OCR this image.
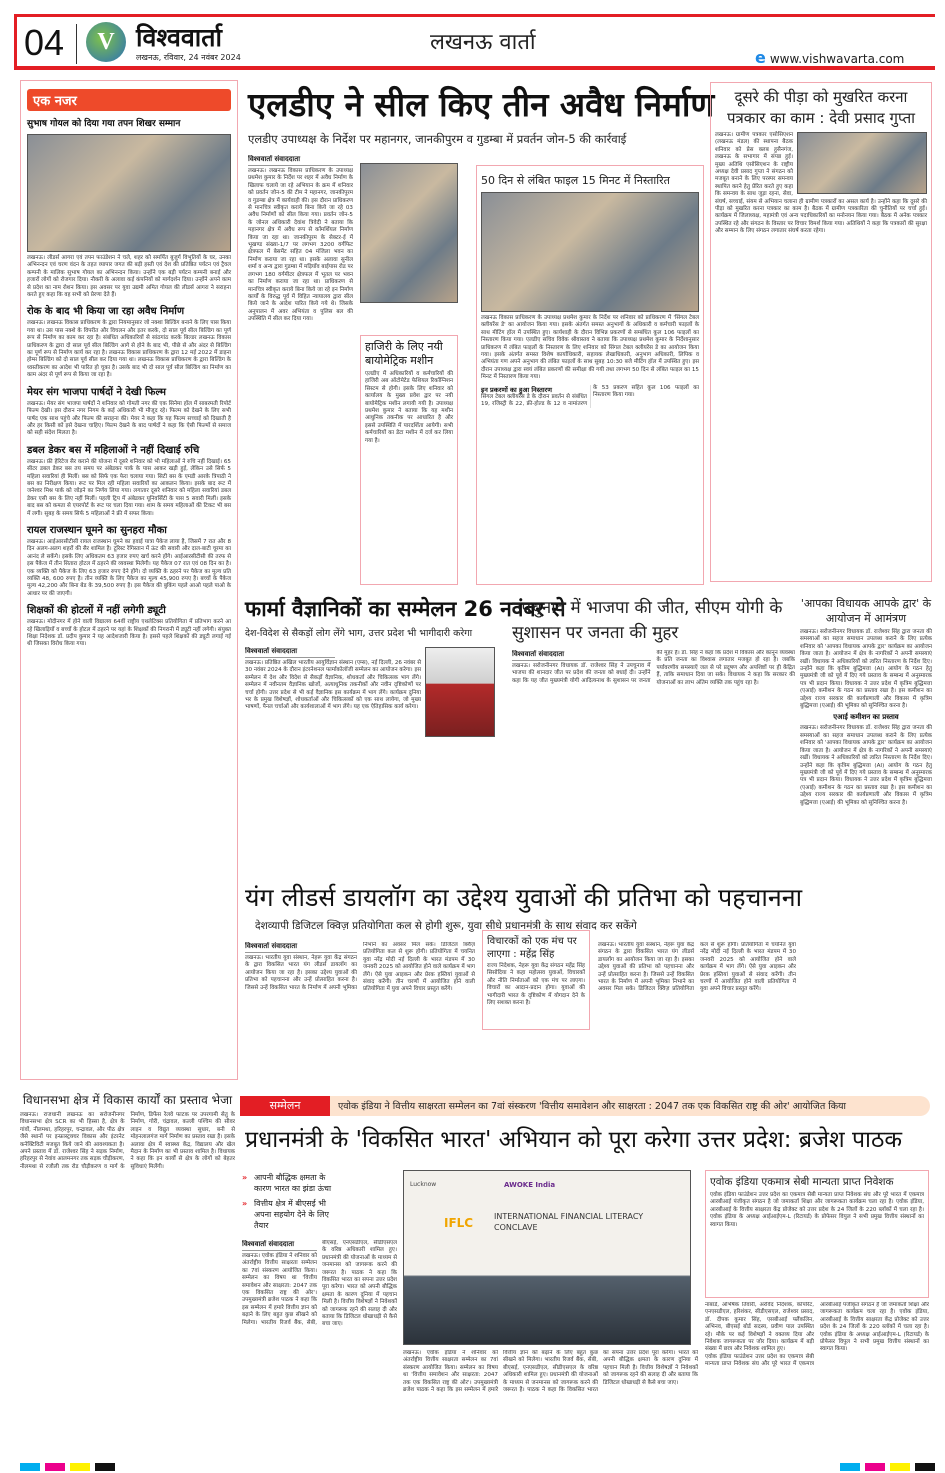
04	V विश्ववार्ता
लखनऊ, रविवार, 24 नवंबर 2024
लखनऊ वार्ता
e www.vishwavarta.com
एक नजर
सुभाष गोयल को दिया गया तपन शिखर सम्मान
लखनऊ। लीडर्स आगरा एवं तपन फाउंडेशन ने चले, शहर को समर्पित बुजुर्ग विभूतियों के घर, उनका अभिनन्दन एवं चरण वंदन के तहत व्यापार जगत की बड़ी हस्ती एवं देश की प्रतिष्ठित पर्यटन एवं ट्रैवल कम्पनी के मालिक सुभाष गोयल का अभिनन्दन किया। उन्होंने एक बड़ी पर्यटन कम्पनी बनाई और हजारों लोगों को रोजगार दिया। नौकरी के अलावा कई कंपनियों को मार्गदर्शन दिया। उन्होंने अपने काम से प्रदेश का नाम रोशन किया। इस अवसर पर युवा उद्यमी अमित गोयल की लीडर्स आगरा ने सराहना करते हुए कहा कि वह सभी को प्रेरणा देते हैं।
रोक के बाद भी किया जा रहा अवैध निर्माण
लखनऊ। लखनऊ विकास प्राधिकरण के द्वारा नियमानुसार जो नक्शा बिल्डिंग बनाने के लिए पास किया गया था। उस पास नक्शे के विपरीत और विचलन और इतर करके, दो साल पूर्व सील बिल्डिंग का पूर्ण रूप से निर्माण का काम कर रहा है। संबंधित अधिकारियों से सांठगांठ करके बिल्डर लखनऊ विकास प्राधिकरण के द्वारा दो साल पूर्व सील बिल्डिंग आगे से होने के बाद भी, पीछे से और अंदर से बिल्डिंग का पूर्ण रूप से निर्माण कार्य कर रहा है। लखनऊ विकास प्राधिकरण के द्वारा 12 मई 2022 में डाइना होम्स बिल्डिंग को दो साल पूर्व सील कर दिया गया था। लखनऊ विकास प्राधिकरण के द्वारा बिल्डिंग के ध्वस्तीकरण का आदेश भी पारित हो चुका है। उसके बाद भी दो साल पूर्व सील बिल्डिंग का निर्माण का काम अंदर से पूर्ण रूप से किया जा रहा है।
मेयर संग भाजपा पार्षदों ने देखी फिल्म
लखनऊ। मेयर संग भाजपा पार्षदों ने शनिवार को गोमती नगर की एक सिनेमा हॉल में साबरमती रिपोर्ट फिल्म देखी। इस दौरान नगर निगम के कई अधिकारी भी मौजूद रहे। फिल्म को देखने के लिए सभी पार्षद एक साथ पहुंचे और फिल्म की सराहना की। मेयर ने कहा कि यह फिल्म सच्चाई को दिखाती है और हर किसी को इसे देखना चाहिए। फिल्म देखने के बाद पार्षदों ने कहा कि ऐसी फिल्मों से समाज को सही संदेश मिलता है।
डबल डेकर बस में महिलाओं ने नहीं दिखाई रुचि
लखनऊ। फ्री हेरिटेज सैर कराने की योजना में दूसरे शनिवार को भी महिलाओं ने रुचि नहीं दिखाई। 65 सीटर डबल डेकर बस तय समय पर अंबेडकर पार्क के पास आकर खड़ी हुई, लेकिन उसे सिर्फ 5 महिला सवारियां ही मिलीं। बस को सिर्फ एक फेरा चलाया गया। सिटी बस के एमडी आरके त्रिपाठी ने बस का निरीक्षण किया। रूट पर मिल रही महिला सवारियों का आकलन किया। इसके बाद रूट में जनेश्वर मिश्र पार्क को जोड़ने का निर्णय लिया गया। लगातार दूसरे शनिवार को महिला सवारियां डबल डेकर एसी बस के लिए नहीं मिलीं। पहली ट्रिप में अंबेडकर यूनिवर्सिटी के पास 5 सवारी मिलीं। इसके बाद बस को कमता से एयरपोर्ट के रूट पर चला दिया गया। शाम के समय महिलाओं की टिकट भी बस में लगी। सुबह के समय सिर्फ 5 महिलाओं ने फ्री में सफर किया।
रायल राजस्थान घूमने का सुनहरा मौका
लखनऊ। आईआरसीटीसी रायल राजस्थान घूमने का हवाई यात्रा पैकेज लाया है, जिसमें 7 रात और 8 दिन अलग-अलग शहरों की सैर शामिल है। टूरिस्ट रेगिस्तान में ऊंट की सवारी और दाल-बाटी चूरमा का आनंद ले सकेंगे। इसके लिए अधिकतम 63 हजार रुपए खर्च करने होंगे। आईआरसीटीसी की तरफ से इस पैकेज में तीन सितारा होटल में ठहरने की व्यवस्था मिलेगी। यह पैकेज 07 रात एवं 08 दिन का है। एक व्यक्ति को पैकेज के लिए 63 हजार रुपए देने होंगे। दो व्यक्ति के ठहरने पर पैकेज का मूल्य प्रति व्यक्ति 48, 600 रुपए है। तीन व्यक्ति के लिए पैकेज का मूल्य 45,900 रुपए है। बच्चों के पैकेज मूल्य 42,200 और बिना बेड के 39,500 रुपए है। इस पैकेज की बुकिंग पहले आओ पहले पाओ के आधार पर की जाएगी।
शिक्षकों की होटलों में नहीं लगेगी ड्यूटी
लखनऊ। मोदीनगर में होने वाली विद्यालय 64वीं राष्ट्रीय एथलेटिक्स प्रतियोगिता में प्रतिभाग करने आ रहे खिलाड़ियों व बच्चों के होटल में ठहरने पर यहां के शिक्षकों की निगरानी में ड्यूटी नहीं लगेगी। संयुक्त शिक्षा निदेशक डॉ. प्रदीप कुमार ने यह आदेशजारी किया है। इससे पहले शिक्षकों की ड्यूटी लगाई गई थी जिसका विरोध किया गया।
एलडीए ने सील किए तीन अवैध निर्माण
एलडीए उपाध्यक्ष के निर्देश पर महानगर, जानकीपुरम व गुडम्बा में प्रवर्तन जोन-5 की कार्रवाई
विश्ववार्ता संवाददाता
लखनऊ। लखनऊ विकास प्राधिकरण के उपाध्यक्ष प्रथमेश कुमार के निर्देश पर शहर में अवैध निर्माण के खिलाफ चलाये जा रहे अभियान के क्रम में शनिवार को प्रवर्तन जोन-5 की टीम ने महानगर, जानकीपुरम व गुडम्बा क्षेत्र में कार्यवाही की। इस दौरान प्राधिकरण से मानचित्र स्वीकृत कराये बिना किये जा रहे 03 अवैध निर्माणों को सील किया गया। प्रवर्तन जोन-5 के जोनल अधिकारी देवांश त्रिवेदी ने बताया कि महानगर क्षेत्र में अवैध रूप से कॉमर्शियल निर्माण किया जा रहा था। जानकीपुरम के सेक्टर-ई में भूखण्ड संख्या-1/7 पर लगभग 3200 वर्गफिट क्षेत्रफल में बेसमेंट सहित 04 मंजिला भवन का निर्माण कराया जा रहा था। इसके अलावा सुनील शर्मा व अन्य द्वारा गुडम्बा में मड़ियाँव बाईपास रोड पर लगभग 180 वर्गमीटर क्षेत्रफल में भूतल पर भवन का निर्माण कराया जा रहा था। प्राधिकरण से मानचित्र स्वीकृत कराये बिना किये जा रहे इन निर्माण कार्यों के विरुद्ध पूर्व में विहित न्यायालय द्वारा सील किये जाने के आदेश पारित किये गये थे। जिसके अनुपालन में अवर अभियंता व पुलिस बल की उपस्थिति में सील कर दिया गया।
हाजिरी के लिए नयी बायोमेट्रिक मशीन
एलडीए में अधिकारियों व कर्मचारियों की हाजिरी अब ऑटोमेटेड फेशियल रिकॉग्निशन सिस्टम से होगी। इसके लिए शनिवार को कार्यालय के मुख्य प्रवेश द्वार पर नयी बायोमेट्रिक मशीन लगायी गयी है। उपाध्यक्ष प्रथमेश कुमार ने बताया कि यह मशीन आधुनिक तकनीक पर आधारित है और इससे उपस्थिति में पारदर्शिता आयेगी। सभी कर्मचारियों का डेटा मशीन में दर्ज कर लिया गया है।
50 दिन से लंबित फाइल 15 मिनट में निस्तारित
लखनऊ विकास प्राधिकरण के उपाध्यक्ष प्रथमेश कुमार के निर्देश पर शनिवार को प्राधिकरण में 'सिंगल टेबल क्लीयरेंस डे' का आयोजन किया गया। इसके अंतर्गत समस्त अनुभागों के अधिकारी व कर्मचारी फाइलों के साथ मीटिंग हॉल में उपस्थित हुए। कार्यशाही के दौरान विभिन्न प्रकरणों से सम्बंधित कुल 106 फाइलों का निस्तारण किया गया। एलडीए सचिव विवेक श्रीवास्तव ने बताया कि उपाध्यक्ष प्रथमेश कुमार के निर्देशानुसार प्राधिकरण में लंबित फाइलों के निस्तारण के लिए शनिवार को सिंगल टेबल क्लीयरेंस डे का आयोजन किया गया। इसके अंतर्गत समस्त विशेष कार्याधिकारी, सहायक लेखाधिकारी, अनुभाग अधिकारी, लिपिक व अभियंता गण अपने अनुभाग की लंबित फाइलों के साथ सुबह 10:30 बजे मीटिंग हॉल में उपस्थित हुए। इस दौरान उपाध्यक्ष द्वारा स्वयं लंबित प्रकरणों की समीक्षा की गयी तथा लगभग 50 दिन से लंबित फाइल का 15 मिनट में निस्तारण किया गया।
इन प्रकरणों का हुआ निस्तारण
सिंगल टेबल क्लीयरेंस डे के दौरान प्रवर्तन से संबंधित 19, रजिस्ट्री के 22, फ्री-होल्ड के 12 व नामांतरण के 53 प्रकरण सहित कुल 106 फाइलों का निस्तारण किया गया।
दूसरे की पीड़ा को मुखरित करना पत्रकार का काम : देवी प्रसाद गुप्ता
लखनऊ। ग्रामीण पत्रकार एसोसिएशन (लखनऊ मंडल) की स्थापना बैठक शनिवार को प्रेस क्लब हुसैनगंज, लखनऊ के सभागार में संपन्न हुई। मुख्य अतिथि एसोसिएशन के राष्ट्रीय अध्यक्ष देवी प्रसाद गुप्ता ने संगठन को मजबूत बनाने के लिए परस्पर समन्वय स्थापित करने हेतु प्रेरित करते हुए कहा कि समन्वय के साथ जुड़ा रहना, सेवा, संघर्ष, सच्चाई, संयम से अभियान चलाना ही ग्रामीण पत्रकारों का असल कार्य है। उन्होंने कहा कि दूसरे की पीड़ा को मुखरित करना पत्रकार का काम है। बैठक में ग्रामीण पत्रकारिता की चुनौतियों पर चर्चा हुई। कार्यक्रम में जिलाध्यक्ष, महामंत्री एवं अन्य पदाधिकारियों का मनोनयन किया गया। बैठक में अनेक पत्रकार उपस्थित रहे और संगठन के विस्तार पर विचार विमर्श किया गया। अतिथियों ने कहा कि पत्रकारों की सुरक्षा और सम्मान के लिए संगठन लगातार संघर्ष करता रहेगा।
फार्मा वैज्ञानिकों का सम्मेलन 26 नवंबर से
देश-विदेश से सैकड़ों लोग लेंगे भाग, उत्तर प्रदेश भी भागीदारी करेगा
विश्ववार्ता संवाददाता
लखनऊ। प्रतिष्ठित अखिल भारतीय आयुर्विज्ञान संस्थान (एम्स), नई दिल्ली, 26 नवंबर से 30 नवंबर 2024 के दौरान इंटरनेशनल फार्माकोलॉजी सम्मेलन का आयोजन करेगा। इस सम्मेलन में देश और विदेश से सैकड़ों वैज्ञानिक, शोधकर्ता और चिकित्सक भाग लेंगे। सम्मेलन में नवीनतम वैज्ञानिक खोजों, अत्याधुनिक तकनीकों और नवीन दृष्टिकोणों पर चर्चा होगी। उत्तर प्रदेश से भी कई वैज्ञानिक इस कार्यक्रम में भाग लेंगे। कार्यक्रम दुनिया भर के प्रमुख विशेषज्ञों, शोधकर्ताओं और चिकित्सकों को एक साथ लायेगा, जो मुख्य भाषणों, पैनल चर्चाओं और कार्यशालाओं में भाग लेंगे। यह एक ऐतिहासिक कार्य करेगा।
उपचुनाव में भाजपा की जीत, सीएम योगी के सुशासन पर जनता की मुहर
विश्ववार्ता संवाददाता
लखनऊ। सरोजनीनगर विधायक डॉ. राजेश्वर सिंह ने उपचुनाव में भाजपा की शानदार जीत पर प्रदेश की जनता को बधाई दी। उन्होंने कहा कि यह जीत मुख्यमंत्री योगी आदित्यनाथ के सुशासन पर जनता की मुहर है। डॉ. सिंह ने कहा कि प्रदेश में विकास और कानून व्यवस्था के प्रति जनता का विश्वास लगातार मजबूत हो रहा है। जबकि पर्यावरणीय समस्याएँ जल से परे प्रदूषण और अपशिष्टों पर ही केंद्रित हैं, ताकि समाधान दिया जा सके। विधायक ने कहा कि सरकार की योजनाओं का लाभ अंतिम व्यक्ति तक पहुंच रहा है।
'आपका विधायक आपके द्वार' के आयोजन में आमंत्रण
लखनऊ। सरोजनीनगर विधायक डॉ. राजेश्वर सिंह द्वारा जनता की समस्याओं का सहज समाधान उपलब्ध कराने के लिए प्रत्येक शनिवार को 'आपका विधायक आपके द्वार' कार्यक्रम का आयोजन किया जाता है। आयोजन में क्षेत्र के नागरिकों ने अपनी समस्याएं रखीं। विधायक ने अधिकारियों को त्वरित निस्तारण के निर्देश दिए। उन्होंने कहा कि कृत्रिम बुद्धिमत्ता (AI) आयोग के गठन हेतु मुख्यमंत्री जी को पूर्व में दिए गये प्रस्ताव के सम्बन्ध में अनुस्मारक पत्र भी प्रदान किया। विधायक ने उत्तर प्रदेश में कृत्रिम बुद्धिमत्ता (एआई) कमीशन के गठन का प्रस्ताव रखा है। इस कमीशन का उद्देश्य राज्य सरकार की कार्यप्रणाली और विकास में कृत्रिम बुद्धिमत्ता (एआई) की भूमिका को सुनिश्चित करना है।
एआई कमीशन का प्रस्ताव
लखनऊ। सरोजनीनगर विधायक डॉ. राजेश्वर सिंह द्वारा जनता की समस्याओं का सहज समाधान उपलब्ध कराने के लिए प्रत्येक शनिवार को 'आपका विधायक आपके द्वार' कार्यक्रम का आयोजन किया जाता है। आयोजन में क्षेत्र के नागरिकों ने अपनी समस्याएं रखीं। विधायक ने अधिकारियों को त्वरित निस्तारण के निर्देश दिए। उन्होंने कहा कि कृत्रिम बुद्धिमत्ता (AI) आयोग के गठन हेतु मुख्यमंत्री जी को पूर्व में दिए गये प्रस्ताव के सम्बन्ध में अनुस्मारक पत्र भी प्रदान किया। विधायक ने उत्तर प्रदेश में कृत्रिम बुद्धिमत्ता (एआई) कमीशन के गठन का प्रस्ताव रखा है। इस कमीशन का उद्देश्य राज्य सरकार की कार्यप्रणाली और विकास में कृत्रिम बुद्धिमत्ता (एआई) की भूमिका को सुनिश्चित करना है।
यंग लीडर्स डायलॉग का उद्देश्य युवाओं की प्रतिभा को पहचानना
देशव्यापी डिजिटल क्विज़ प्रतियोगिता कल से होगी शुरू, युवा सीधे प्रधानमंत्री के साथ संवाद कर सकेंगे
विश्ववार्ता संवाददाता
लखनऊ। भारतीय युवा संस्थान, नेहरू युवा केंद्र संगठन के द्वारा विकसित भारत यंग लीडर्स डायलॉग का आयोजन किया जा रहा है। इसका उद्देश्य युवाओं की प्रतिभा को पहचानना और उन्हें प्रोत्साहित करना है। जिससे उन्हें विकसित भारत के निर्माण में अपनी भूमिका निभाने का अवसर मिल सके। डिजिटल क्विज़ प्रतियोगिता कल से शुरू होगी। प्रतियोगिता में चयनित युवा नरेंद्र मोदी नई दिल्ली के भारत मंडपम में 30 जनवरी 2025 को आयोजित होने वाले कार्यक्रम में भाग लेंगे। ऐसे युवा आइकन और प्रेरक हस्तियां युवाओं से संवाद करेंगी। तीन चरणों में आयोजित होने वाली प्रतियोगिता में युवा अपने विचार प्रस्तुत करेंगे।
विचारकों को एक मंच पर लाएगा : महेंद्र सिंह
राज्य निदेशक, नेहरू युवा केंद्र संगठन महेंद्र सिंह सिसोदिया ने कहा महोत्सव युवाओं, विचारकों और नीति निर्माताओं को एक मंच पर लाएगा। विचारों का आदान-प्रदान होगा। युवाओं की भागीदारी भारत के दृष्टिकोण में योगदान देने के लिए सशक्त करना है।
लखनऊ। भारतीय युवा संस्थान, नेहरू युवा केंद्र संगठन के द्वारा विकसित भारत यंग लीडर्स डायलॉग का आयोजन किया जा रहा है। इसका उद्देश्य युवाओं की प्रतिभा को पहचानना और उन्हें प्रोत्साहित करना है। जिससे उन्हें विकसित भारत के निर्माण में अपनी भूमिका निभाने का अवसर मिल सके। डिजिटल क्विज़ प्रतियोगिता कल से शुरू होगी। प्रतियोगिता में चयनित युवा नरेंद्र मोदी नई दिल्ली के भारत मंडपम में 30 जनवरी 2025 को आयोजित होने वाले कार्यक्रम में भाग लेंगे। ऐसे युवा आइकन और प्रेरक हस्तियां युवाओं से संवाद करेंगी। तीन चरणों में आयोजित होने वाली प्रतियोगिता में युवा अपने विचार प्रस्तुत करेंगे।
विधानसभा क्षेत्र में विकास कार्यों का प्रस्ताव भेजा
लखनऊ। राजधानी लखनऊ का सरोजनीनगर विधानसभा क्षेत्र SCR का भी हिस्सा है, क्षेत्र के गांवों, नीलमथा, हरिहरपुर, चन्द्रावल, और पीठ क्षेत्र जैसे स्थानों पर इन्फ्रास्ट्रक्चर विकास और इंटरनेट कनेक्टिविटी मजबूत किये जाने की आवश्यकता है। अपने प्रस्ताव में डॉ. राजेश्वर सिंह ने सड़क निर्माण, हरिहरपुर से नेवांव आलमनगर तक सड़क चौड़ीकरण, नीलमथा से रजौली तक रोड चौड़ीकरण व मार्ग के निर्माण, डिफेंस रेलवे फाटक पर उपरगामी सेतु के निर्माण, गोरी, चंद्रावल, कल्ली पश्चिम की सीवर लाइन व विद्युत व्यवस्था सुधार, बनी से मोहनलालगंज मार्ग निर्माण का प्रस्ताव रखा है। इसके अलावा क्षेत्र में स्वास्थ्य केंद्र, विद्यालय और खेल मैदान के निर्माण का भी प्रस्ताव शामिल है। विधायक ने कहा कि इन कार्यों से क्षेत्र के लोगों को बेहतर सुविधाएं मिलेंगी।
सम्मेलन	एवोक इंडिया ने वित्तीय साक्षरता सम्मेलन का 7वां संस्करण 'वित्तीय समावेशन और साक्षरता : 2047 तक एक विकसित राष्ट्र की ओर' आयोजित किया
प्रधानमंत्री के 'विकसित भारत' अभियान को पूरा करेगा उत्तर प्रदेश: ब्रजेश पाठक
» आपनी बौद्धिक क्षमता के कारण भारत का झंडा ऊंचा
» वित्तीय क्षेत्र में बीएसई भी अपना सहयोग देने के लिए तैयार
विश्ववार्ता संवाददाता
लखनऊ। एवोक इंडिया ने शनिवार को अंतर्राष्ट्रीय वित्तीय साक्षरता सम्मेलन का 7वां संस्करण आयोजित किया। सम्मेलन का विषय था 'वित्तीय समावेशन और साक्षरता: 2047 तक एक विकसित राष्ट्र की ओर'। उपमुख्यमंत्री ब्रजेश पाठक ने कहा कि इस सम्मेलन में हमारे वित्तीय ज्ञान को बढ़ाने के लिए बहुत कुछ सीखने को मिलेगा। भारतीय रिजर्व बैंक, सेबी, बीएसई, एनएसडीएल, सीडीएसएल के वरिष्ठ अधिकारी शामिल हुए। प्रधानमंत्री की योजनाओं के माध्यम से जनमानस को जागरूक करने की जरूरत है। पाठक ने कहा कि विकसित भारत का सपना उत्तर प्रदेश पूरा करेगा। भारत को अपनी बौद्धिक क्षमता के कारण दुनिया में पहचान मिली है। वित्तीय विशेषज्ञों ने निवेशकों को जागरूक रहने की सलाह दी और बताया कि डिजिटल धोखाधड़ी से कैसे बचा जाए।
Lucknow	AWOKE India
IFLC	INTERNATIONAL FINANCIAL LITERACY CONCLAVE
लखनऊ। एवोक इंडिया ने शनिवार को अंतर्राष्ट्रीय वित्तीय साक्षरता सम्मेलन का 7वां संस्करण आयोजित किया। सम्मेलन का विषय था 'वित्तीय समावेशन और साक्षरता: 2047 तक एक विकसित राष्ट्र की ओर'। उपमुख्यमंत्री ब्रजेश पाठक ने कहा कि इस सम्मेलन में हमारे वित्तीय ज्ञान को बढ़ाने के लिए बहुत कुछ सीखने को मिलेगा। भारतीय रिजर्व बैंक, सेबी, बीएसई, एनएसडीएल, सीडीएसएल के वरिष्ठ अधिकारी शामिल हुए। प्रधानमंत्री की योजनाओं के माध्यम से जनमानस को जागरूक करने की जरूरत है। पाठक ने कहा कि विकसित भारत का सपना उत्तर प्रदेश पूरा करेगा। भारत को अपनी बौद्धिक क्षमता के कारण दुनिया में पहचान मिली है। वित्तीय विशेषज्ञों ने निवेशकों को जागरूक रहने की सलाह दी और बताया कि डिजिटल धोखाधड़ी से कैसे बचा जाए।
एवोक इंडिया एकमात्र सेबी मान्यता प्राप्त निवेशक
एवोक इंडिया फाउंडेशन उत्तर प्रदेश का एकमात्र सेबी मान्यता प्राप्त निवेशक संघ और पूरे भारत में एकमात्र आरबीआई पंजीकृत संगठन है जो जमाकर्ता शिक्षा और जागरूकता कार्यक्रम चला रहा है। एवोक इंडिया, आरबीआई के वित्तीय साक्षरता केंद्र प्रोजेक्ट को उत्तर प्रदेश के 24 जिलों के 220 ब्लॉकों में चला रहा है। एवोक इंडिया के अध्यक्ष आईआईएम-L (रिटायर्ड) के प्रोफेसर विपुल ने सभी प्रमुख वित्तीय संस्थानों का स्वागत किया।
नाबार्ड, अभिषेक तिवारी, अरविंद निदेशक, कॉर्पोरेट, एनएसडीएल, हरिशंकर, सीडीएसएल, राजेश्वर प्रसाद, डॉ. दीपक कुमार सिंह, एसबीआई फ्लैंकलिन, अभिनव, बीएसई बोर्ड सदस्य, प्रवीण पाल उपस्थित रहे। मौके पर कई विशेषज्ञों ने वक्तव्य दिया और निवेशक जागरूकता पर जोर दिया। कार्यक्रम में बड़ी संख्या में छात्र और निवेशक शामिल हुए।
एवोक इंडिया फाउंडेशन उत्तर प्रदेश का एकमात्र सेबी मान्यता प्राप्त निवेशक संघ और पूरे भारत में एकमात्र आरबीआई पंजीकृत संगठन है जो जमाकर्ता शिक्षा और जागरूकता कार्यक्रम चला रहा है। एवोक इंडिया, आरबीआई के वित्तीय साक्षरता केंद्र प्रोजेक्ट को उत्तर प्रदेश के 24 जिलों के 220 ब्लॉकों में चला रहा है। एवोक इंडिया के अध्यक्ष आईआईएम-L (रिटायर्ड) के प्रोफेसर विपुल ने सभी प्रमुख वित्तीय संस्थानों का स्वागत किया।
